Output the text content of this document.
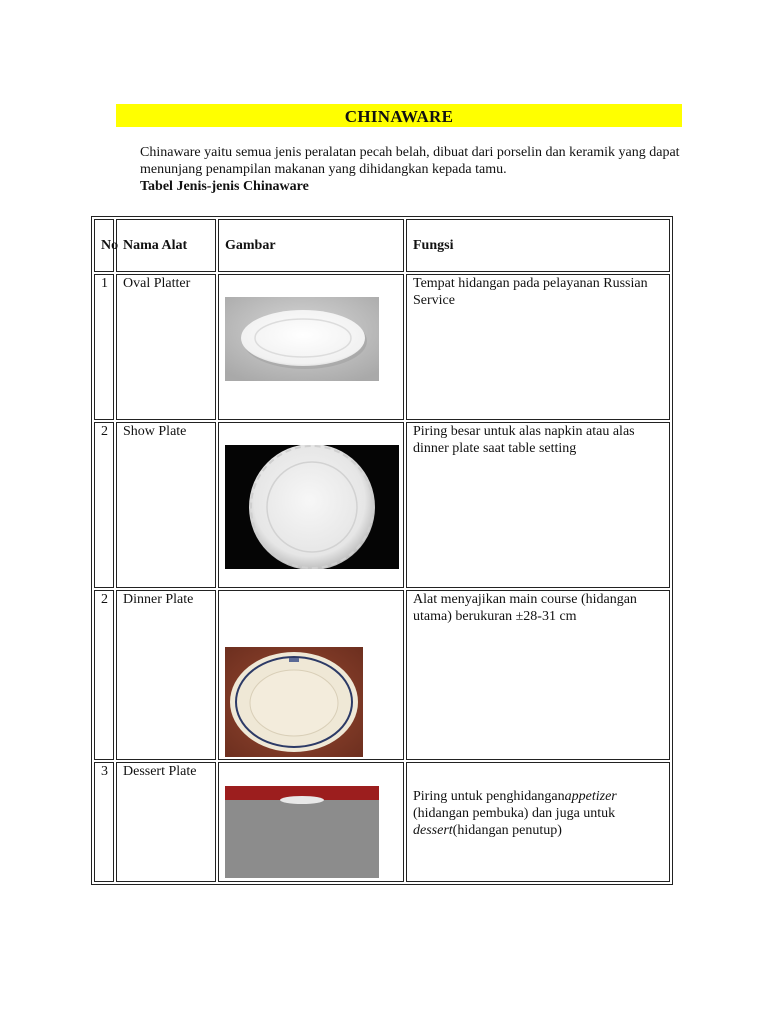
CHINAWARE
Chinaware yaitu semua jenis peralatan pecah belah, dibuat dari porselin dan keramik yang dapat menunjang penampilan makanan yang dihidangkan kepada tamu.
Tabel Jenis-jenis Chinaware
No	Nama Alat	Gambar	Fungsi
1	Oval Platter		Tempat hidangan pada pelayanan Russian Service
2	Show Plate		Piring besar untuk alas napkin atau alas dinner plate saat table setting
2	Dinner Plate		Alat menyajikan main course (hidangan utama) berukuran ±28-31 cm
3	Dessert Plate		Piring untuk penghidanganappetizer (hidangan pembuka) dan juga untuk dessert(hidangan penutup)
